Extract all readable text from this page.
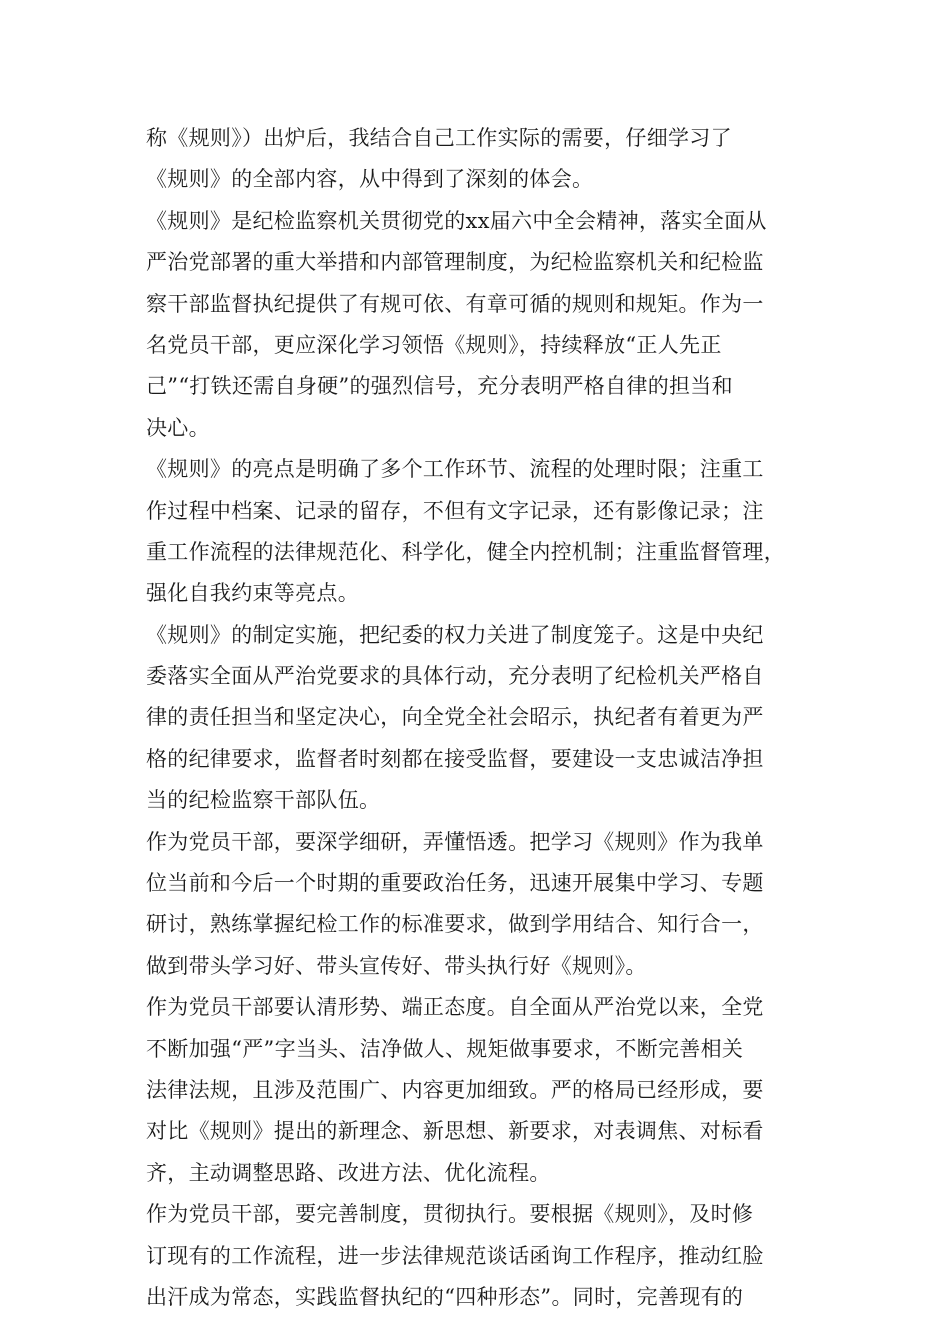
称《规则》）出炉后，我结合自己工作实际的需要，仔细学习了
《规则》的全部内容，从中得到了深刻的体会。
《规则》是纪检监察机关贯彻党的xx届六中全会精神，落实全面从
严治党部署的重大举措和内部管理制度，为纪检监察机关和纪检监
察干部监督执纪提供了有规可依、有章可循的规则和规矩。作为一
名党员干部，更应深化学习领悟《规则》，持续释放“正人先正
己”“打铁还需自身硬”的强烈信号，充分表明严格自律的担当和
决心。
《规则》的亮点是明确了多个工作环节、流程的处理时限；注重工
作过程中档案、记录的留存，不但有文字记录，还有影像记录；注
重工作流程的法律规范化、科学化，健全内控机制；注重监督管理，
强化自我约束等亮点。
《规则》的制定实施，把纪委的权力关进了制度笼子。这是中央纪
委落实全面从严治党要求的具体行动，充分表明了纪检机关严格自
律的责任担当和坚定决心，向全党全社会昭示，执纪者有着更为严
格的纪律要求，监督者时刻都在接受监督，要建设一支忠诚洁净担
当的纪检监察干部队伍。
作为党员干部，要深学细研，弄懂悟透。把学习《规则》作为我单
位当前和今后一个时期的重要政治任务，迅速开展集中学习、专题
研讨，熟练掌握纪检工作的标准要求，做到学用结合、知行合一，
做到带头学习好、带头宣传好、带头执行好《规则》。
作为党员干部要认清形势、端正态度。自全面从严治党以来，全党
不断加强“严”字当头、洁净做人、规矩做事要求，不断完善相关
法律法规，且涉及范围广、内容更加细致。严的格局已经形成，要
对比《规则》提出的新理念、新思想、新要求，对表调焦、对标看
齐，主动调整思路、改进方法、优化流程。
作为党员干部，要完善制度，贯彻执行。要根据《规则》，及时修
订现有的工作流程，进一步法律规范谈话函询工作程序，推动红脸
出汗成为常态，实践监督执纪的“四种形态”。同时，完善现有的
